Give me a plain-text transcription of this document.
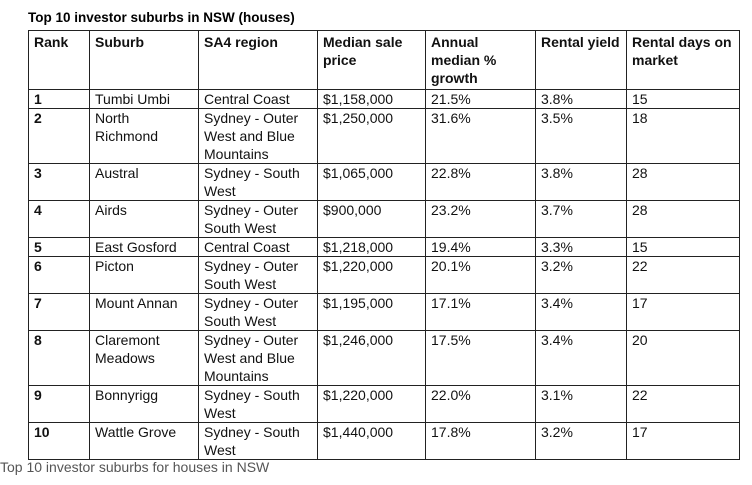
Top 10 investor suburbs in NSW (houses)
Rank	Suburb	SA4 region	Median sale price	Annual median % growth	Rental yield	Rental days on market
1	Tumbi Umbi	Central Coast	$1,158,000	21.5%	3.8%	15
2	North Richmond	Sydney - Outer West and Blue Mountains	$1,250,000	31.6%	3.5%	18
3	Austral	Sydney - South West	$1,065,000	22.8%	3.8%	28
4	Airds	Sydney - Outer South West	$900,000	23.2%	3.7%	28
5	East Gosford	Central Coast	$1,218,000	19.4%	3.3%	15
6	Picton	Sydney - Outer South West	$1,220,000	20.1%	3.2%	22
7	Mount Annan	Sydney - Outer South West	$1,195,000	17.1%	3.4%	17
8	Claremont Meadows	Sydney - Outer West and Blue Mountains	$1,246,000	17.5%	3.4%	20
9	Bonnyrigg	Sydney - South West	$1,220,000	22.0%	3.1%	22
10	Wattle Grove	Sydney - South West	$1,440,000	17.8%	3.2%	17
Top 10 investor suburbs for houses in NSW
